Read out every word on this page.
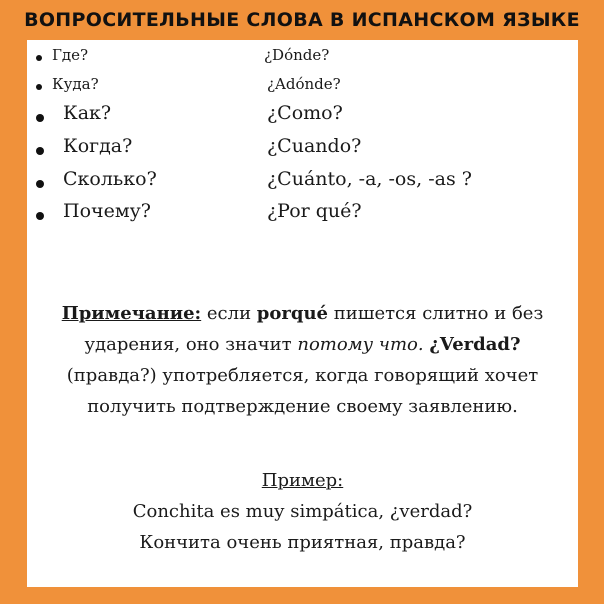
ВОПРОСИТЕЛЬНЫЕ СЛОВА В ИСПАНСКОМ ЯЗЫКЕ
Где?	¿Dónde?
Куда?	¿Adónde?
Как?	¿Como?
Когда?	¿Cuando?
Сколько?	¿Cuánto, -a, -os, -as ?
Почему?	¿Por qué?
Примечание: если porqué пишется слитно и без ударения, оно значит потому что. ¿Verdad? (правда?) употребляется, когда говорящий хочет получить подтверждение своему заявлению.
Пример:
Conchita es muy simpática, ¿verdad?
Кончита очень приятная, правда?
